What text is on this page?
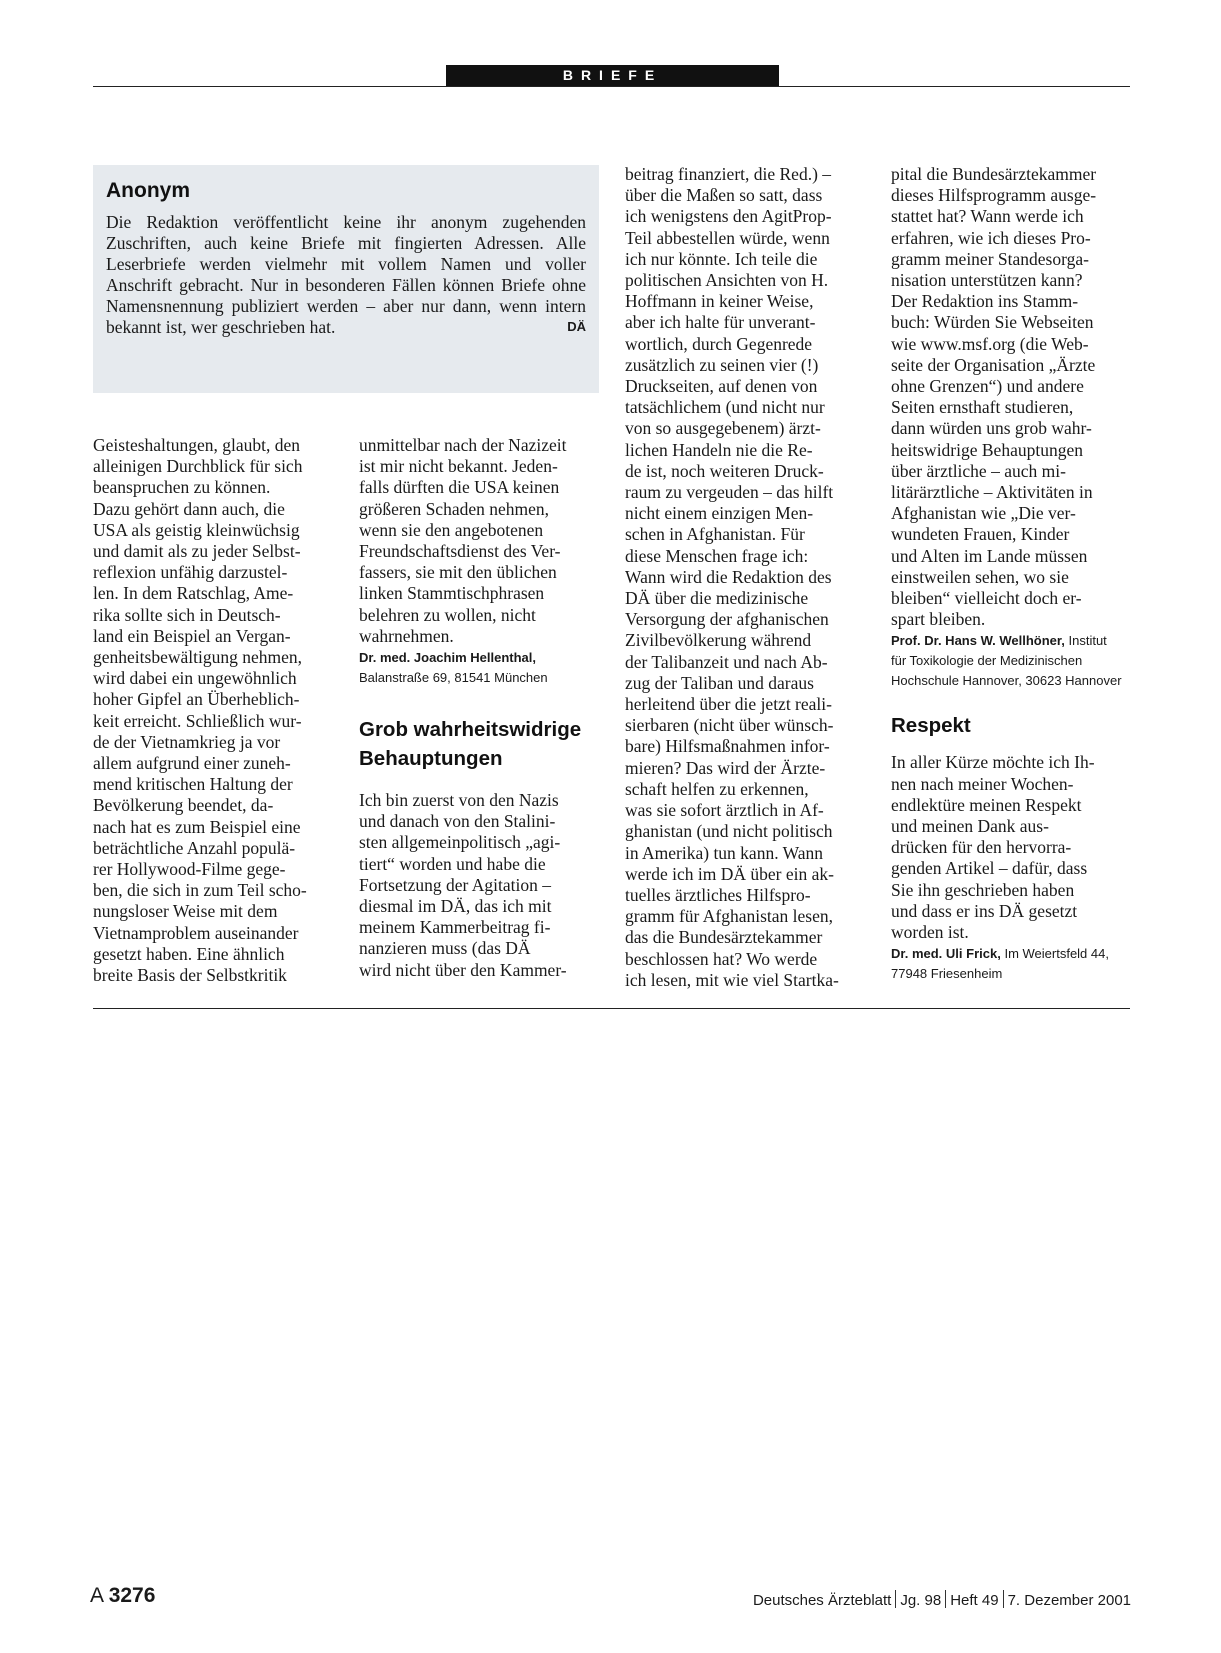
BRIEFE
Anonym

Die Redaktion veröffentlicht keine ihr anonym zugehenden Zuschriften, auch keine Briefe mit fingierten Adressen. Alle Leserbriefe werden vielmehr mit vollem Namen und voller Anschrift gebracht. Nur in besonderen Fällen können Briefe ohne Namensnennung publiziert werden – aber nur dann, wenn intern bekannt ist, wer geschrieben hat.	DÄ
Geisteshaltungen, glaubt, den
alleinigen Durchblick für sich
beanspruchen zu können.
Dazu gehört dann auch, die
USA als geistig kleinwüchsig
und damit als zu jeder Selbst-
reflexion unfähig darzustel-
len. In dem Ratschlag, Ame-
rika sollte sich in Deutsch-
land ein Beispiel an Vergan-
genheitsbewältigung nehmen,
wird dabei ein ungewöhnlich
hoher Gipfel an Überheblich-
keit erreicht. Schließlich wur-
de der Vietnamkrieg ja vor
allem aufgrund einer zuneh-
mend kritischen Haltung der
Bevölkerung beendet, da-
nach hat es zum Beispiel eine
beträchtliche Anzahl populä-
rer Hollywood-Filme gege-
ben, die sich in zum Teil scho-
nungsloser Weise mit dem
Vietnamproblem auseinander
gesetzt haben. Eine ähnlich
breite Basis der Selbstkritik
unmittelbar nach der Nazizeit
ist mir nicht bekannt. Jeden-
falls dürften die USA keinen
größeren Schaden nehmen,
wenn sie den angebotenen
Freundschaftsdienst des Ver-
fassers, sie mit den üblichen
linken Stammtischphrasen
belehren zu wollen, nicht
wahrnehmen.
Dr. med. Joachim Hellenthal,
Balanstraße 69, 81541 München
Grob wahrheitswidrige
Behauptungen
Ich bin zuerst von den Nazis
und danach von den Stalini-
sten allgemeinpolitisch „agi-
tiert“ worden und habe die
Fortsetzung der Agitation –
diesmal im DÄ, das ich mit
meinem Kammerbeitrag fi-
nanzieren muss (das DÄ
wird nicht über den Kammer-
beitrag finanziert, die Red.) –
über die Maßen so satt, dass
ich wenigstens den AgitProp-
Teil abbestellen würde, wenn
ich nur könnte. Ich teile die
politischen Ansichten von H.
Hoffmann in keiner Weise,
aber ich halte für unverant-
wortlich, durch Gegenrede
zusätzlich zu seinen vier (!)
Druckseiten, auf denen von
tatsächlichem (und nicht nur
von so ausgegebenem) ärzt-
lichen Handeln nie die Re-
de ist, noch weiteren Druck-
raum zu vergeuden – das hilft
nicht einem einzigen Men-
schen in Afghanistan. Für
diese Menschen frage ich:
Wann wird die Redaktion des
DÄ über die medizinische
Versorgung der afghanischen
Zivilbevölkerung während
der Talibanzeit und nach Ab-
zug der Taliban und daraus
herleitend über die jetzt reali-
sierbaren (nicht über wünsch-
bare) Hilfsmaßnahmen infor-
mieren? Das wird der Ärzte-
schaft helfen zu erkennen,
was sie sofort ärztlich in Af-
ghanistan (und nicht politisch
in Amerika) tun kann. Wann
werde ich im DÄ über ein ak-
tuelles ärztliches Hilfspro-
gramm für Afghanistan lesen,
das die Bundesärztekammer
beschlossen hat? Wo werde
ich lesen, mit wie viel Startka-
pital die Bundesärztekammer
dieses Hilfsprogramm ausge-
stattet hat? Wann werde ich
erfahren, wie ich dieses Pro-
gramm meiner Standesorga-
nisation unterstützen kann?
Der Redaktion ins Stamm-
buch: Würden Sie Webseiten
wie www.msf.org (die Web-
seite der Organisation „Ärzte
ohne Grenzen“) und andere
Seiten ernsthaft studieren,
dann würden uns grob wahr-
heitswidrige Behauptungen
über ärztliche – auch mi-
litärärztliche – Aktivitäten in
Afghanistan wie „Die ver-
wundeten Frauen, Kinder
und Alten im Lande müssen
einstweilen sehen, wo sie
bleiben“ vielleicht doch er-
spart bleiben.
Prof. Dr. Hans W. Wellhöner, Institut
für Toxikologie der Medizinischen
Hochschule Hannover, 30623 Hannover
Respekt
In aller Kürze möchte ich Ih-
nen nach meiner Wochen-
endlektüre meinen Respekt
und meinen Dank aus-
drücken für den hervorra-
genden Artikel – dafür, dass
Sie ihn geschrieben haben
und dass er ins DÄ gesetzt
worden ist.
Dr. med. Uli Frick, Im Weiertsfeld 44,
77948 Friesenheim
A 3276	Deutsches Ärzteblatt Jg. 98 Heft 49 7. Dezember 2001
